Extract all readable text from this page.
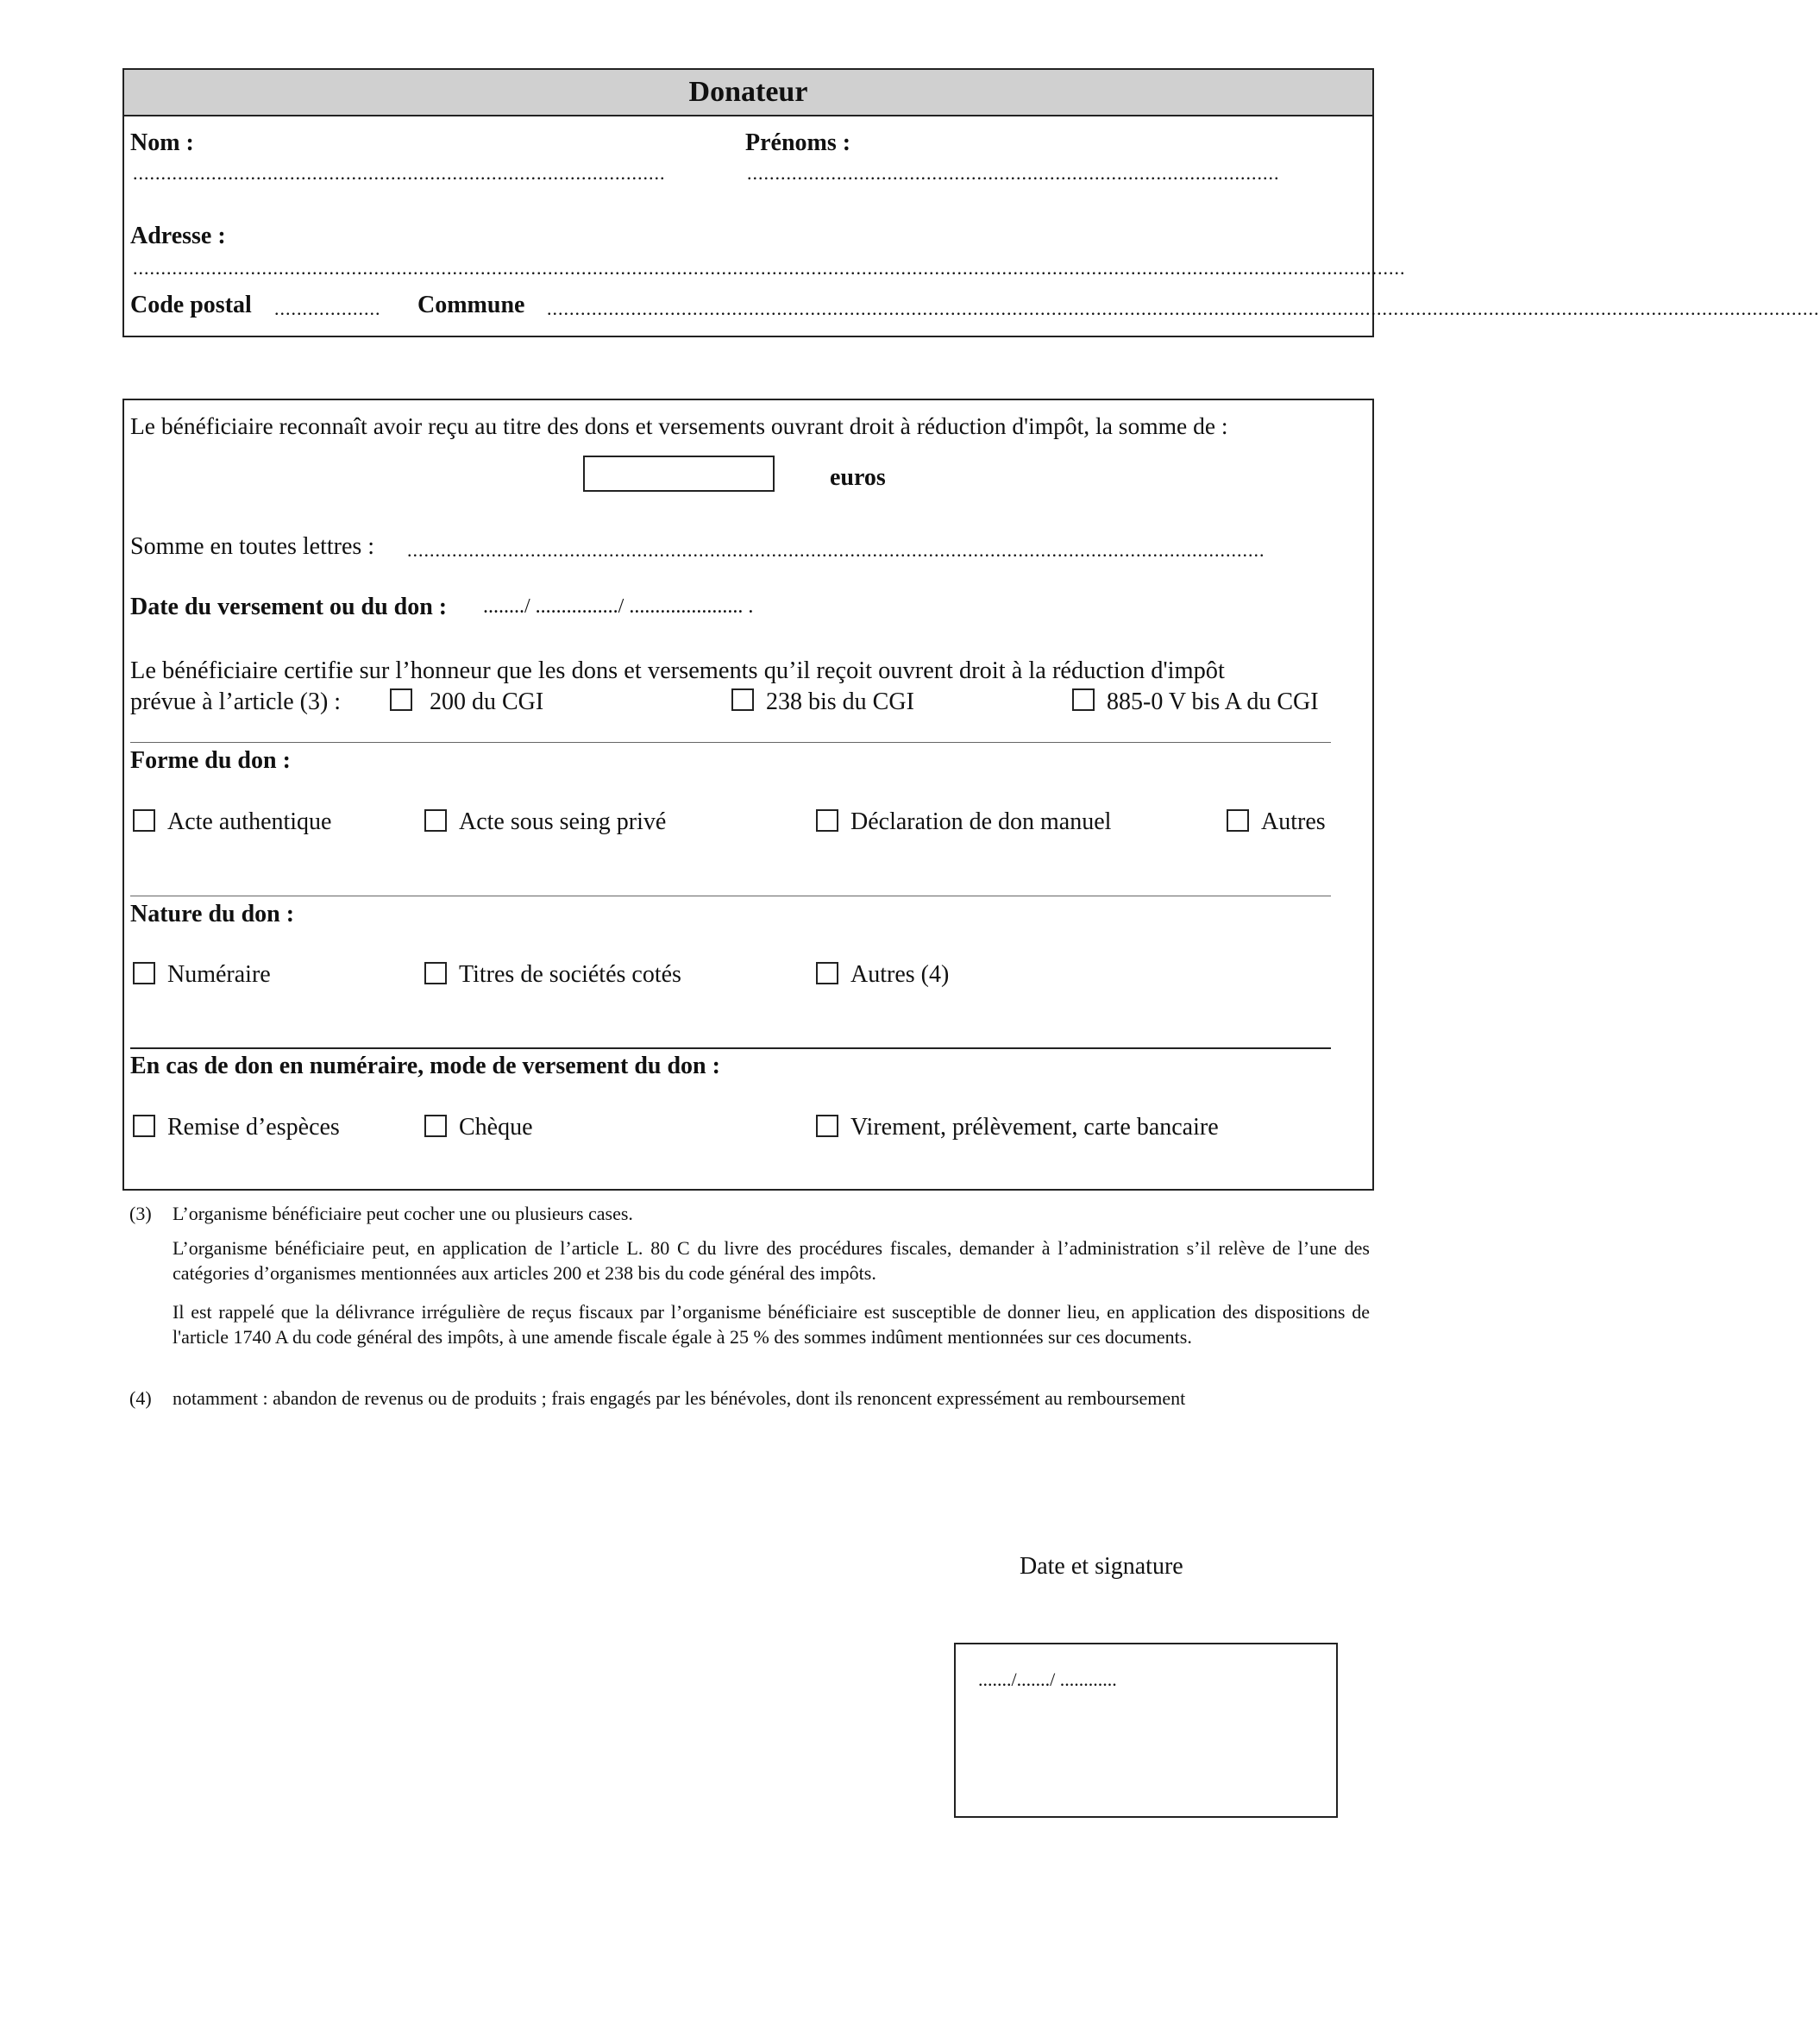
Donateur
Nom :
...............................................................................................
Prénoms :
...............................................................................................
Adresse :
...................................................................................................................................................................................................................................
Code postal ...................	Commune ...................................................................................................................................................................................................................................
Le bénéficiaire reconnaît avoir reçu au titre des dons et versements ouvrant droit à réduction d'impôt, la somme de :
euros
Somme en toutes lettres : .........................................................................................................................................................
Date du versement ou du don : ......../ ................/ ...................... .
Le bénéficiaire certifie sur l’honneur que les dons et versements qu’il reçoit ouvrent droit à la réduction d'impôt
prévue à l’article (3) :	200 du CGI	238 bis du CGI	885-0 V bis A du CGI
Forme du don :
Acte authentique	Acte sous seing privé	Déclaration de don manuel	Autres
Nature du don :
Numéraire	Titres de sociétés cotés	Autres (4)
En cas de don en numéraire, mode de versement du don :
Remise d’espèces	Chèque	Virement, prélèvement, carte bancaire
(3) L’organisme bénéficiaire peut cocher une ou plusieurs cases.
L’organisme bénéficiaire peut, en application de l’article L. 80 C du livre des procédures fiscales, demander à l’administration s’il relève de l’une des catégories d’organismes mentionnées aux articles 200 et 238 bis du code général des impôts.
Il est rappelé que la délivrance irrégulière de reçus fiscaux par l’organisme bénéficiaire est susceptible de donner lieu, en application des dispositions de l'article 1740 A du code général des impôts, à une amende fiscale égale à 25 % des sommes indûment mentionnées sur ces documents.
(4) notamment : abandon de revenus ou de produits ; frais engagés par les bénévoles, dont ils renoncent expressément au remboursement
Date et signature
......./......./ ............
